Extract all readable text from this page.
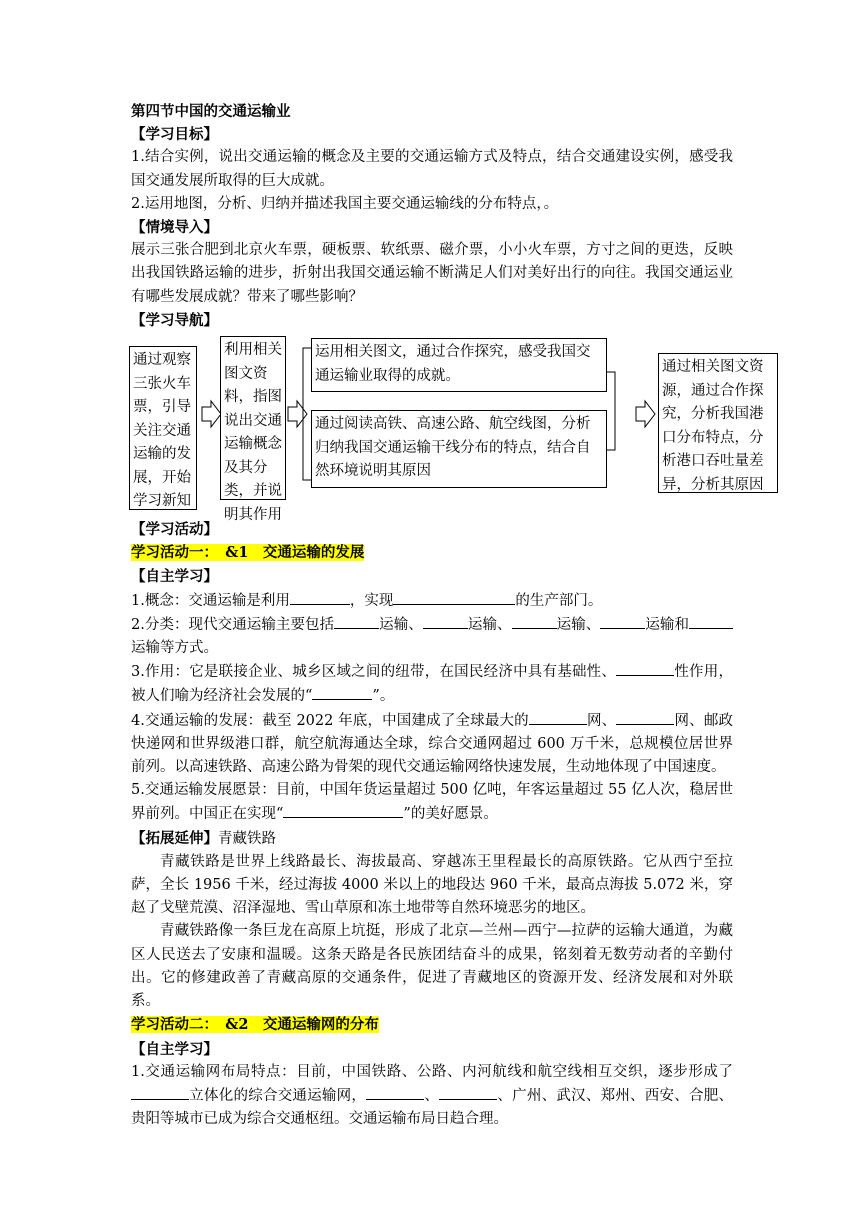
第四节中国的交通运输业

【学习目标】

1.结合实例，说出交通运输的概念及主要的交通运输方式及特点，结合交通建设实例，感受我国交通发展所取得的巨大成就。

2.运用地图，分析、归纳并描述我国主要交通运输线的分布特点，。

【情境导入】

展示三张合肥到北京火车票，硬板票、软纸票、磁介票，小小火车票，方寸之间的更迭，反映出我国铁路运输的进步，折射出我国交通运输不断满足人们对美好出行的向往。我国交通运业有哪些发展成就？带来了哪些影响？

【学习导航】

通过观察三张火车票，引导关注交通运输的发展，开始学习新知
利用相关图文资料，指图说出交通运输概念及其分类，并说明其作用
运用相关图文，通过合作探究，感受我国交通运输业取得的成就。
通过阅读高铁、高速公路、航空线图，分析归纳我国交通运输干线分布的特点，结合自然环境说明其原因
通过相关图文资源，通过合作探究，分析我国港口分布特点，分析港口吞吐量差异，分析其原因

【学习活动】

学习活动一：　&1　交通运输的发展

【自主学习】

1.概念：交通运输是利用	，实现	的生产部门。

2.分类：现代交通运输主要包括	运输、	运输、	运输、	运输和运输等方式。

3.作用：它是联接企业、城乡区域之间的纽带，在国民经济中具有基础性、	性作用，被人们喻为经济社会发展的“	”。

4.交通运输的发展：截至 2022 年底，中国建成了全球最大的	网、	网、邮政快递网和世界级港口群，航空航海通达全球，综合交通网超过 600 万千米，总规模位居世界前列。以高速铁路、高速公路为骨架的现代交通运输网络快速发展，生动地体现了中国速度。

5.交通运输发展愿景：目前，中国年货运量超过 500 亿吨，年客运量超过 55 亿人次，稳居世界前列。中国正在实现“	”的美好愿景。

【拓展延伸】青藏铁路

青藏铁路是世界上线路最长、海拔最高、穿越冻王里程最长的高原铁路。它从西宁至拉萨，全长 1956 千米，经过海拔 4000 米以上的地段达 960 千米，最高点海拔 5.072 米，穿赵了戈壁荒漠、沼泽湿地、雪山草原和冻土地带等自然环境恶劣的地区。

青藏铁路像一条巨龙在高原上坑挺，形成了北京—兰州—西宁—拉萨的运输大通道，为藏区人民送去了安康和温暖。这条天路是各民族团结奋斗的成果，铭刻着无数劳动者的辛勤付出。它的修建政善了青藏高原的交通条件，促进了青藏地区的资源开发、经济发展和对外联系。

学习活动二：　&2　交通运输网的分布

【自主学习】

1.交通运输网布局特点：目前，中国铁路、公路、内河航线和航空线相互交织，逐步形成了立体化的综合交通运输网，	、	、广州、武汉、郑州、西安、合肥、贵阳等城市已成为综合交通枢纽。交通运输布局日趋合理。
